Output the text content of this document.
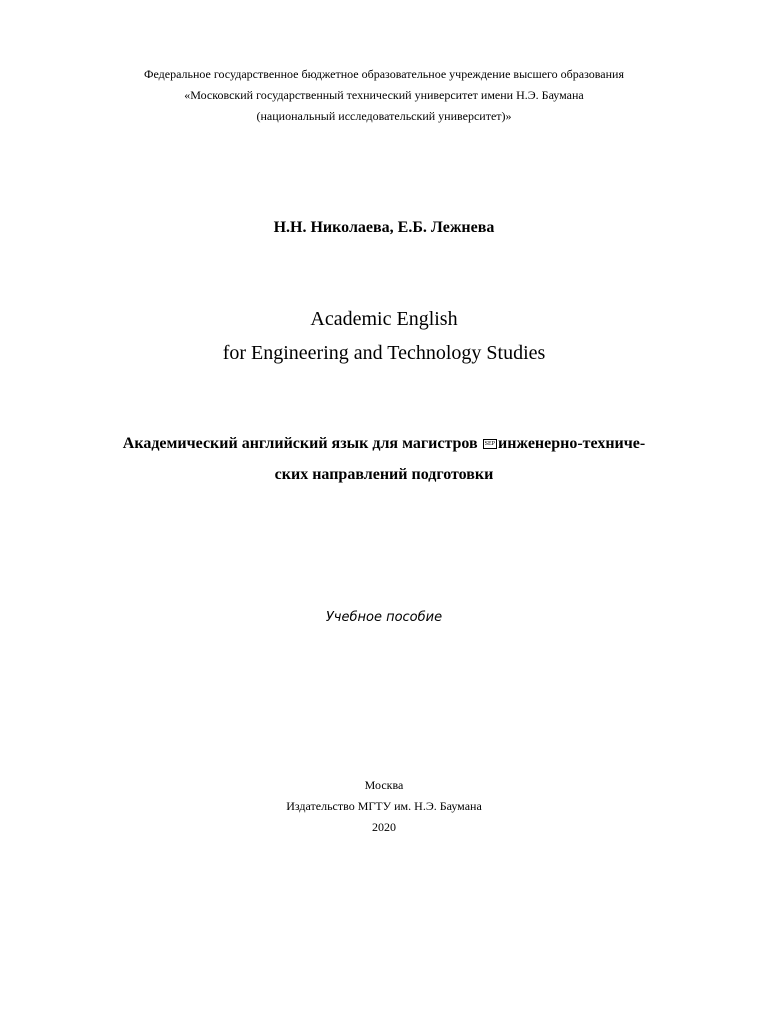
Федеральное государственное бюджетное образовательное учреждение высшего образования
«Московский государственный технический университет имени Н.Э. Баумана
(национальный исследовательский университет)»
Н.Н. Николаева, Е.Б. Лежнева
Academic English
for Engineering and Technology Studies
Академический английский язык для магистров SEP инженерно-техниче-
ских направлений подготовки
Учебное пособие
Москва
Издательство МГТУ им. Н.Э. Баумана
2020
